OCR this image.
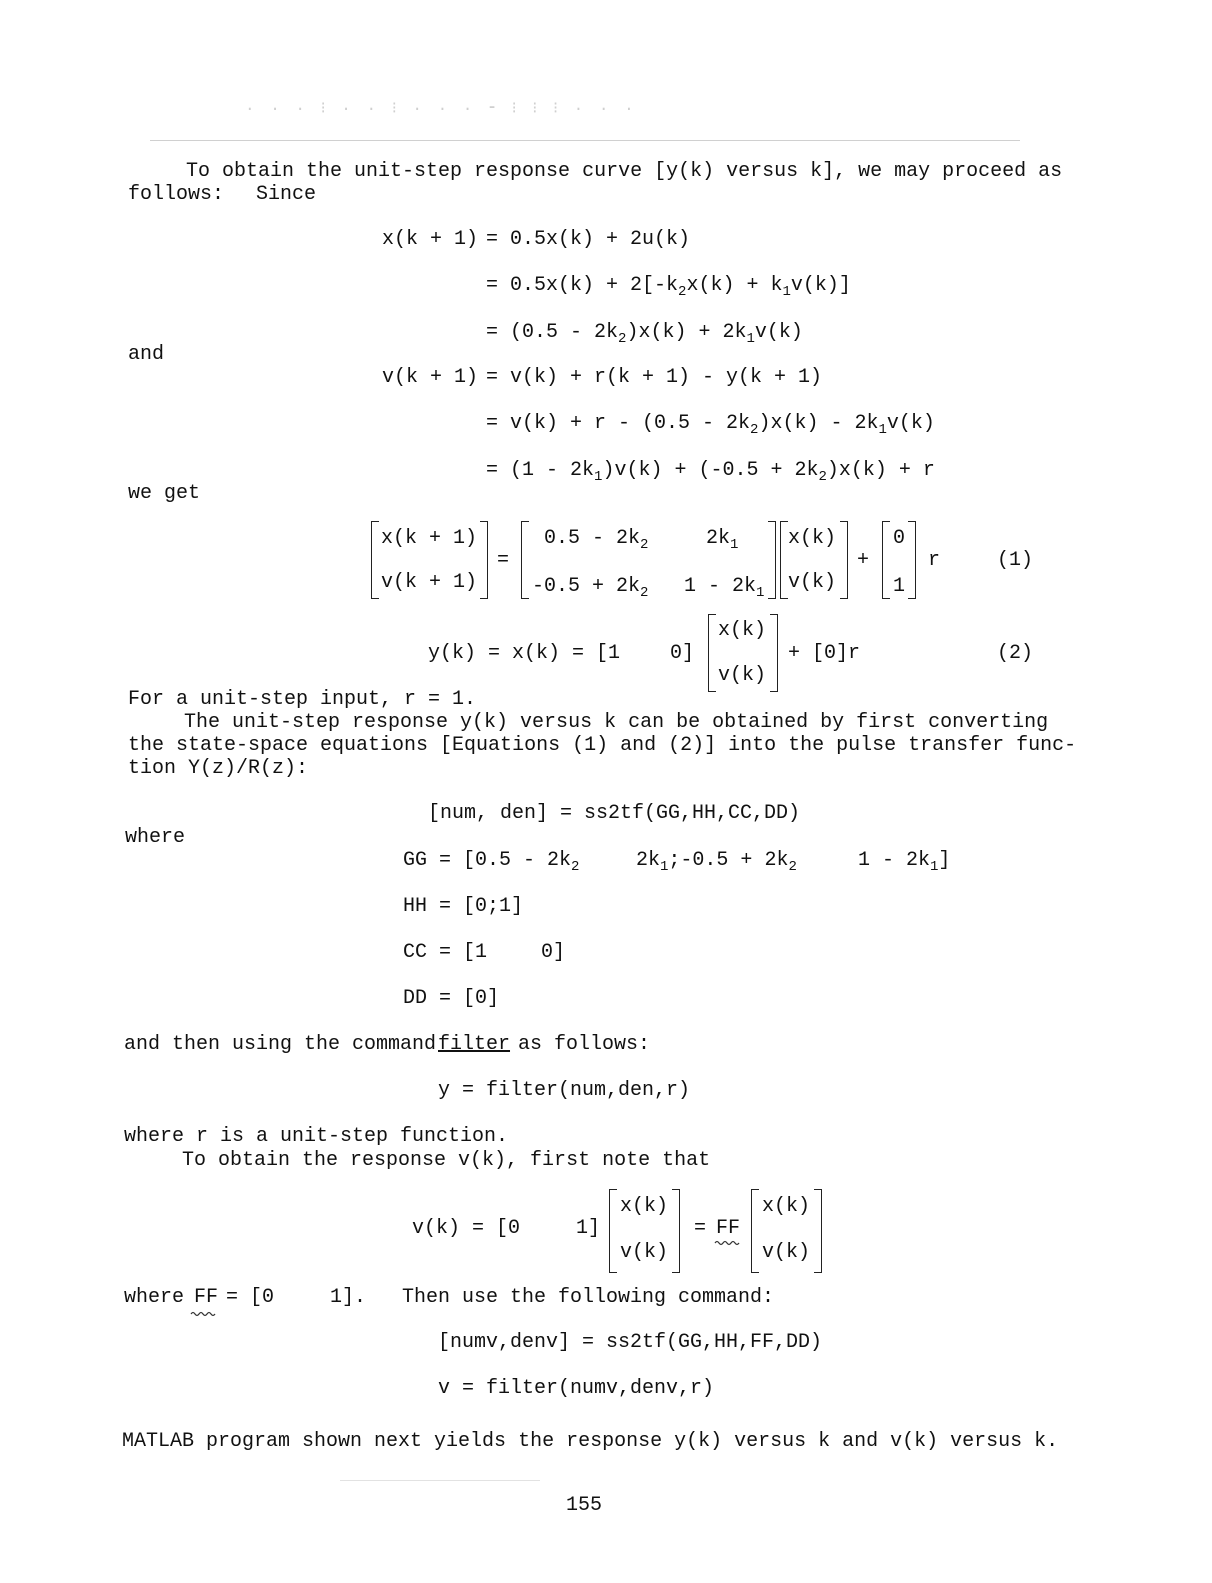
· · · ⁝ · · ⁝ · · · ⁃ ⁝ ⁝ ⁝ · · ·
To obtain the unit-step response curve [y(k) versus k], we may proceed as
follows: Since
x(k + 1) = 0.5x(k) + 2u(k)
= $0.5x(k) + 2[-k_2x(k) + k_1v(k)]$
= $(0.5 - 2k_2)x(k) + 2k_1v(k)$
and
v(k + 1) = v(k) + r(k + 1) - y(k + 1)
= $v(k) + r - (0.5 - 2k_2)x(k) - 2k_1v(k)$
= $(1 - 2k_1)v(k) + (-0.5 + 2k_2)x(k) + r$
we get
x(k + 1)
v(k + 1)
=
$0.5 - 2k_2$	$2k_1$
$-0.5 + 2k_2$ $1 - 2k_1$
x(k)
v(k)
+
0
1
r	(1)
y(k) = x(k) = [1 0]
x(k)
v(k)
+ [0]r	(2)
For a unit-step input, r = 1.
The unit-step response y(k) versus k can be obtained by first converting
the state-space equations [Equations (1) and (2)] into the pulse transfer func-
tion Y(z)/R(z):
[num, den] = ss2tf(GG,HH,CC,DD)
where
GG = [$0.5 - 2k_2$	$2k_1;-0.5 + 2k_2$	$1 - 2k_1$]
HH = [0;1]
CC = [1	0]
DD = [0]
and then using the command filter as follows:
y = filter(num,den,r)
where r is a unit-step function.
To obtain the response v(k), first note that
v(k) = [0	1]
x(k)
v(k)
= FF
x(k)
v(k)
where FF = [0	1]. Then use the following command:
[numv,denv] = ss2tf(GG,HH,FF,DD)
v = filter(numv,denv,r)
MATLAB program shown next yields the response y(k) versus k and v(k) versus k.
155
